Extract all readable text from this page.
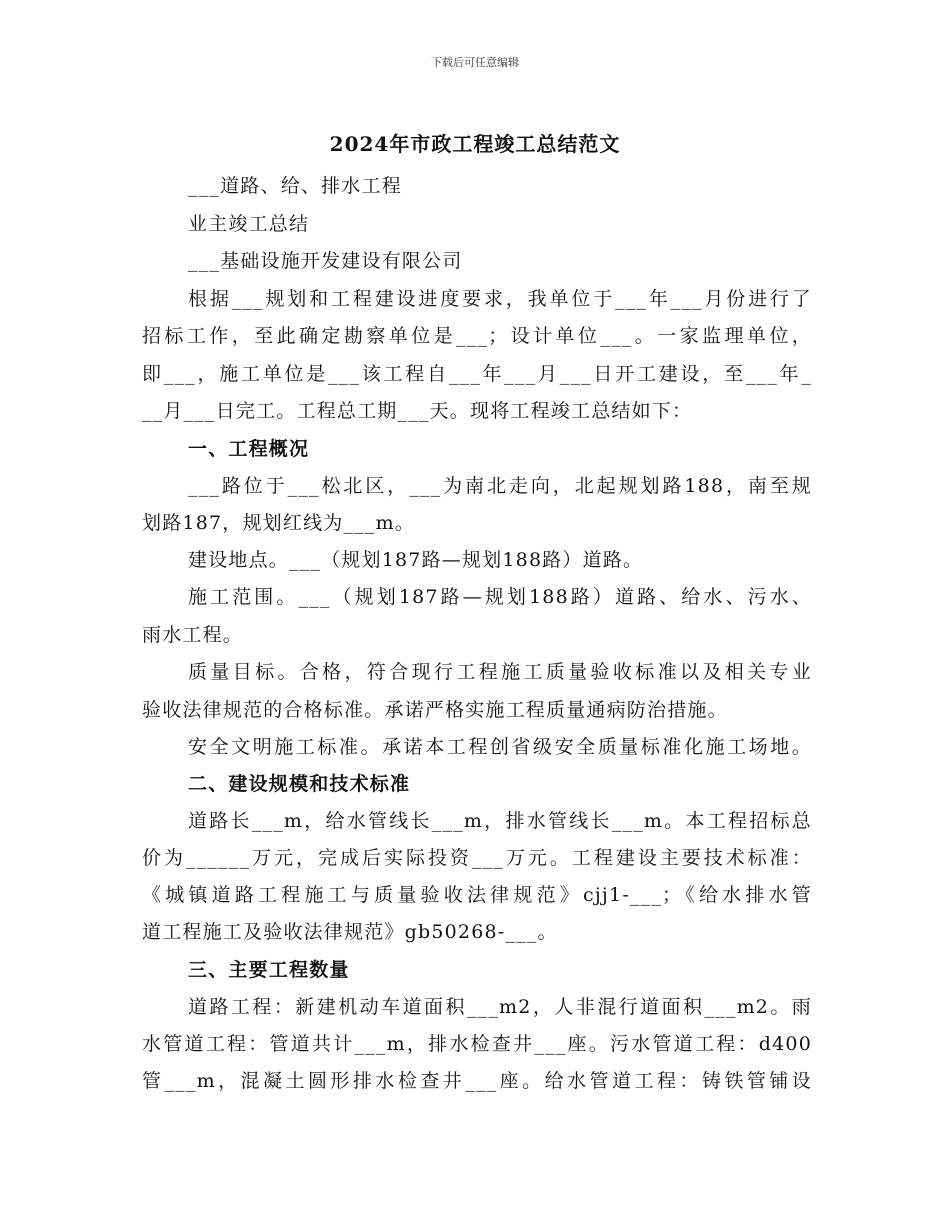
下载后可任意编辑
2024年市政工程竣工总结范文
___道路、给、排水工程
业主竣工总结
___基础设施开发建设有限公司
根据___规划和工程建设进度要求，我单位于___年___月份进行了
招标工作，至此确定勘察单位是___；设计单位___。一家监理单位，
即___，施工单位是___该工程自___年___月___日开工建设，至___年_
__月___日完工。工程总工期___天。现将工程竣工总结如下：
一、工程概况
___路位于___松北区，___为南北走向，北起规划路188，南至规
划路187，规划红线为___m。
建设地点。___（规划187路—规划188路）道路。
施工范围。___（规划187路—规划188路）道路、给水、污水、
雨水工程。
质量目标。合格，符合现行工程施工质量验收标准以及相关专业
验收法律规范的合格标准。承诺严格实施工程质量通病防治措施。
安全文明施工标准。承诺本工程创省级安全质量标准化施工场地。
二、建设规模和技术标准
道路长___m，给水管线长___m，排水管线长___m。本工程招标总
价为______万元，完成后实际投资___万元。工程建设主要技术标准：
《城镇道路工程施工与质量验收法律规范》cjj1-___；《给水排水管
道工程施工及验收法律规范》gb50268-___。
三、主要工程数量
道路工程：新建机动车道面积___m2，人非混行道面积___m2。雨
水管道工程：管道共计___m，排水检查井___座。污水管道工程：d400
管___m，混凝土圆形排水检查井___座。给水管道工程：铸铁管铺设
